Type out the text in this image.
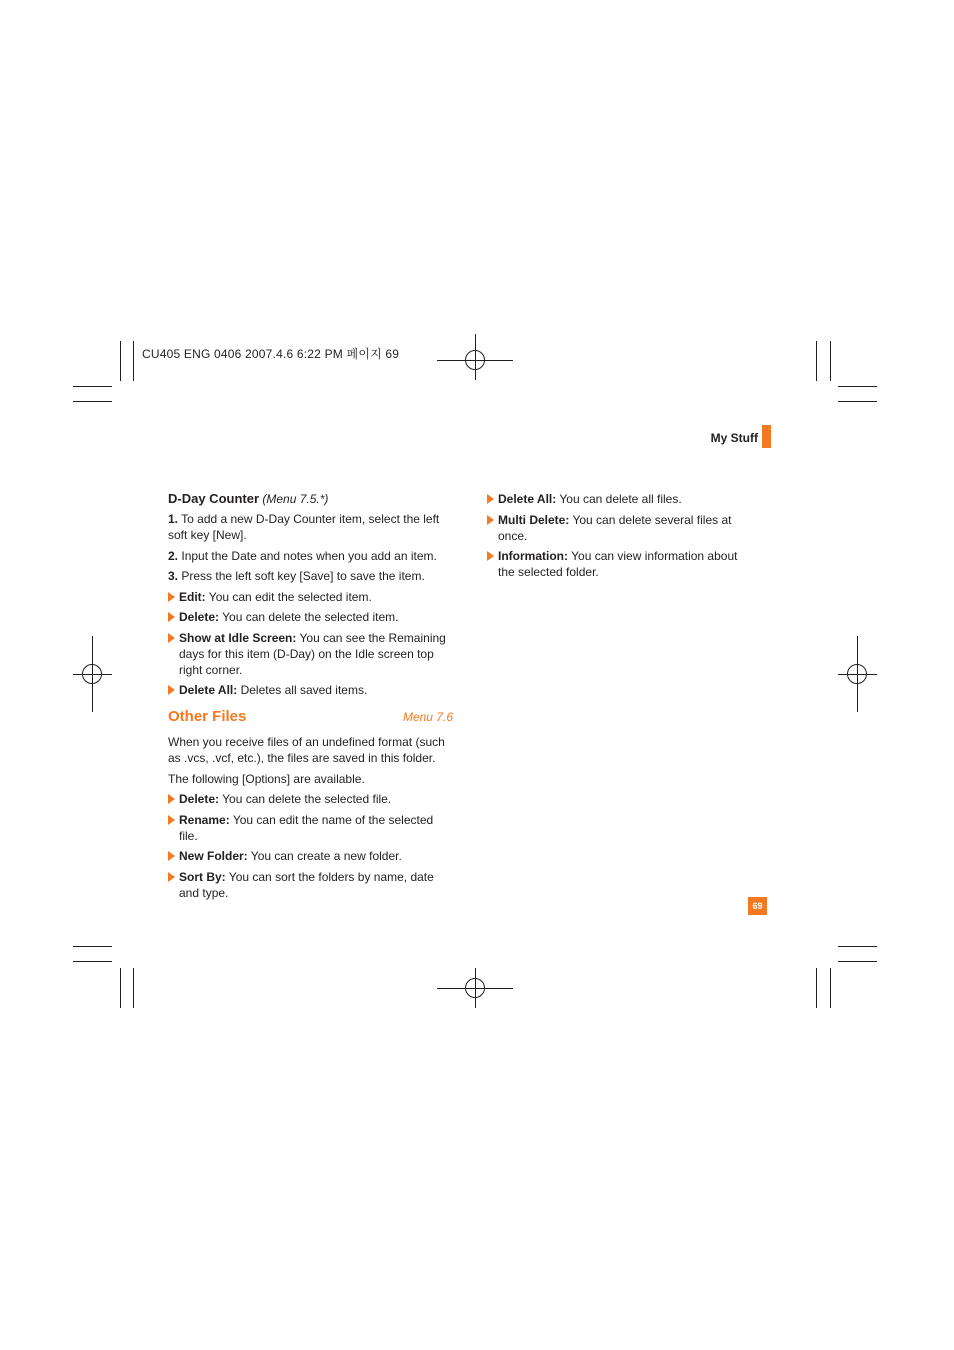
CU405 ENG 0406 2007.4.6 6:22 PM 페이지 69
My Stuff
D-Day Counter (Menu 7.5.*)
1. To add a new D-Day Counter item, select the left soft key [New].
2. Input the Date and notes when you add an item.
3. Press the left soft key [Save] to save the item.
Edit: You can edit the selected item.
Delete: You can delete the selected item.
Show at Idle Screen: You can see the Remaining days for this item (D-Day) on the Idle screen top right corner.
Delete All: Deletes all saved items.
Other Files	Menu 7.6
When you receive files of an undefined format (such as .vcs, .vcf, etc.), the files are saved in this folder.
The following [Options] are available.
Delete: You can delete the selected file.
Rename: You can edit the name of the selected file.
New Folder: You can create a new folder.
Sort By: You can sort the folders by name, date and type.
Delete All: You can delete all files.
Multi Delete: You can delete several files at once.
Information: You can view information about the selected folder.
69
